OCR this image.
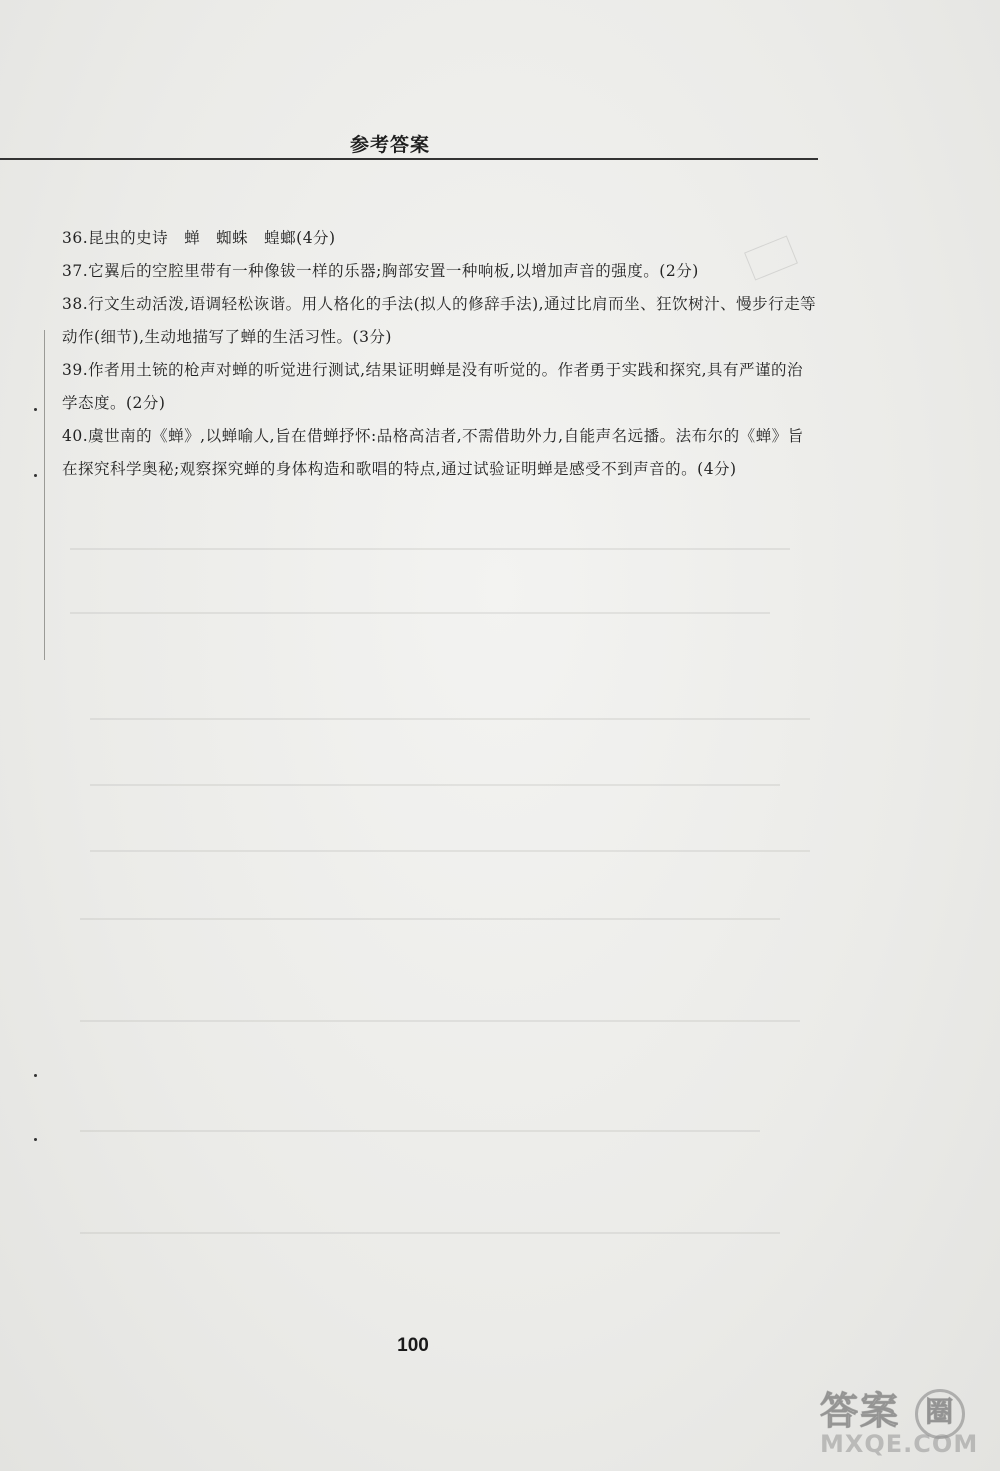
参考答案

36.昆虫的史诗　蝉　蜘蛛　蝗螂(4分)

37.它翼后的空腔里带有一种像钹一样的乐器;胸部安置一种响板,以增加声音的强度。(2分)

38.行文生动活泼,语调轻松诙谐。用人格化的手法(拟人的修辞手法),通过比肩而坐、狂饮树汁、慢步行走等动作(细节),生动地描写了蝉的生活习性。(3分)

39.作者用土铳的枪声对蝉的听觉进行测试,结果证明蝉是没有听觉的。作者勇于实践和探究,具有严谨的治学态度。(2分)

40.虞世南的《蝉》,以蝉喻人,旨在借蝉抒怀:品格高洁者,不需借助外力,自能声名远播。法布尔的《蝉》旨在探究科学奥秘;观察探究蝉的身体构造和歌唱的特点,通过试验证明蝉是感受不到声音的。(4分)

100
答案 圈
MXQE.COM
